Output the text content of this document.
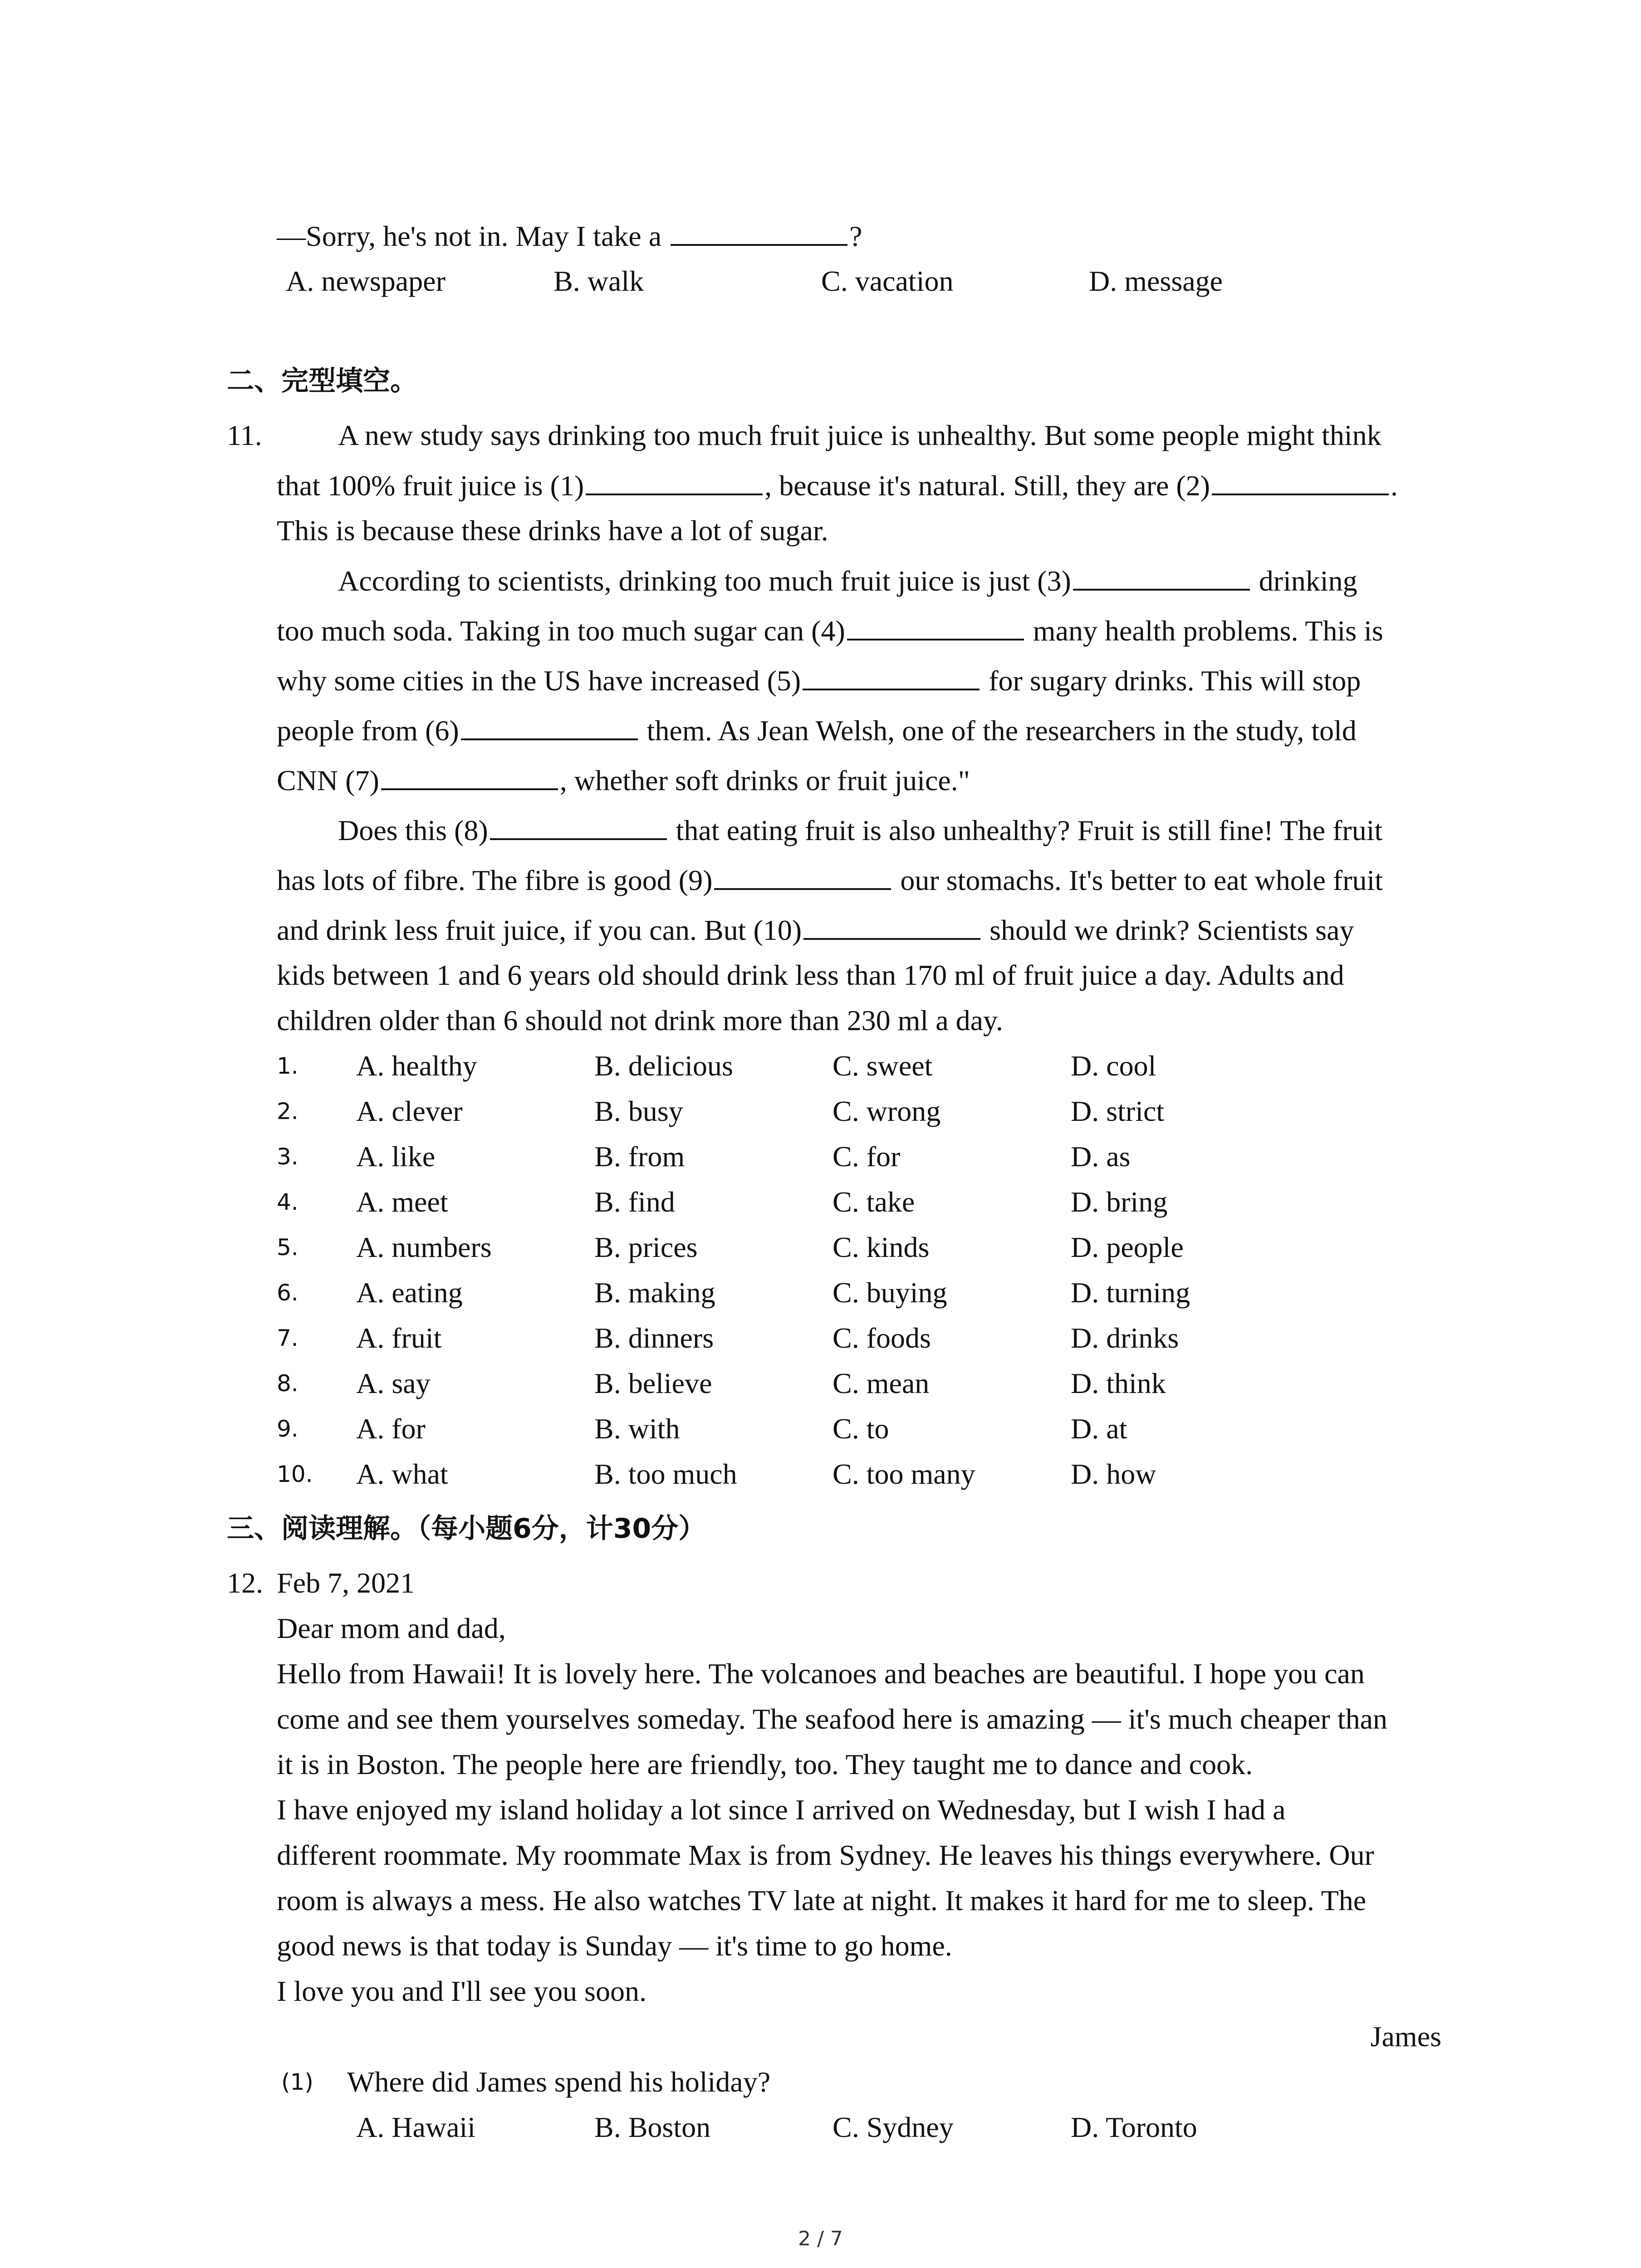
—Sorry, he's not in. May I take a	?
A. newspaper	B. walk	C. vacation	D. message
二、完型填空。
11.	A new study says drinking too much fruit juice is unhealthy. But some people might think
that 100% fruit juice is (1)	, because it's natural. Still, they are (2)	.
This is because these drinks have a lot of sugar.
According to scientists, drinking too much fruit juice is just (3)	drinking
too much soda. Taking in too much sugar can (4)	many health problems. This is
why some cities in the US have increased (5)	for sugary drinks. This will stop
people from (6)	them. As Jean Welsh, one of the researchers in the study, told
CNN (7)	, whether soft drinks or fruit juice."
Does this (8)	that eating fruit is also unhealthy? Fruit is still fine! The fruit
has lots of fibre. The fibre is good (9)	our stomachs. It's better to eat whole fruit
and drink less fruit juice, if you can. But (10)	should we drink? Scientists say
kids between 1 and 6 years old should drink less than 170 ml of fruit juice a day. Adults and
children older than 6 should not drink more than 230 ml a day.
1. A. healthy	B. delicious	C. sweet	D. cool
2. A. clever	B. busy	C. wrong	D. strict
3. A. like	B. from	C. for	D. as
4. A. meet	B. find	C. take	D. bring
5. A. numbers	B. prices	C. kinds	D. people
6. A. eating	B. making	C. buying	D. turning
7. A. fruit	B. dinners	C. foods	D. drinks
8. A. say	B. believe	C. mean	D. think
9. A. for	B. with	C. to	D. at
10. A. what	B. too much	C. too many	D. how
三、阅读理解。（每小题6分，计30分）
12. Feb 7, 2021
Dear mom and dad,
Hello from Hawaii! It is lovely here. The volcanoes and beaches are beautiful. I hope you can
come and see them yourselves someday. The seafood here is amazing — it's much cheaper than
it is in Boston. The people here are friendly, too. They taught me to dance and cook.
I have enjoyed my island holiday a lot since I arrived on Wednesday, but I wish I had a
different roommate. My roommate Max is from Sydney. He leaves his things everywhere. Our
room is always a mess. He also watches TV late at night. It makes it hard for me to sleep. The
good news is that today is Sunday — it's time to go home.
I love you and I'll see you soon.
James
(1) Where did James spend his holiday?
A. Hawaii	B. Boston	C. Sydney	D. Toronto
2 / 7
